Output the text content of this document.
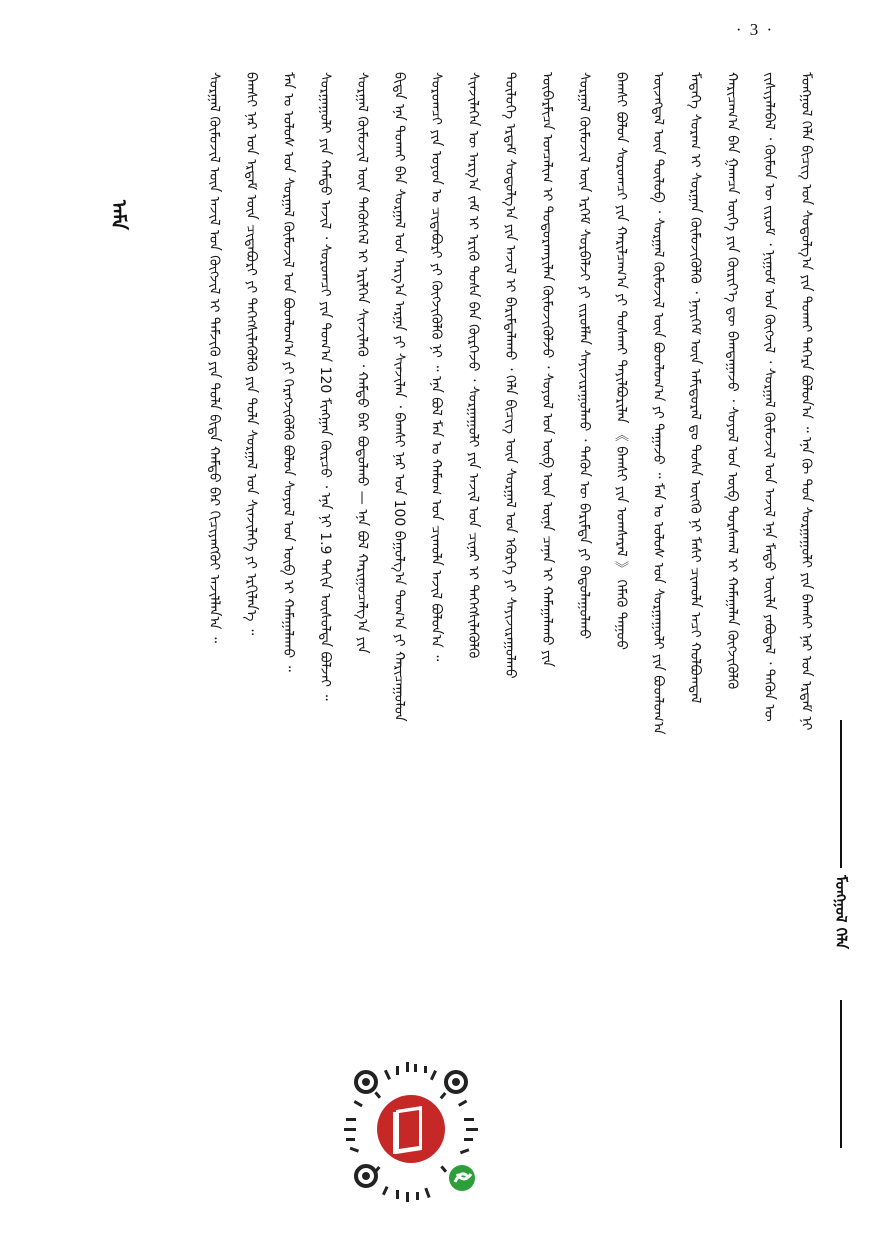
· 3 ·
ᠮᠣᠩᠭᠣᠯ ᠬᠡᠯᠡ
ᠮᠣᠩᠭᠣᠯ ᠬᠡᠯᠡ ᠪᠢᠴᠢᠭ ᠤᠨ ᠰᠤᠳᠤᠯᠭ᠎ᠠ ᠶᠢᠨ ᠲᠤᠬᠠᠢ ᠳᠡᠭᠡᠷᠡ ᠪᠣᠯᠤᠨ᠎ᠠ ᠃ ᠡᠨᠡ ᠬᠦ ᠳᠤᠨ ᠰᠤᠷᠭᠠᠭᠤᠯᠢ ᠶᠢᠨ ᠪᠠᠭᠰᠢ ᠨᠠᠷ ᠤᠨ ᠡᠷᠳᠡᠮ ᠨᠢ
ᠵᠢᠱᠢᠶᠡᠯᠡᠪᠡᠯ ᠂ ᠬᠦᠮᠦᠨ ᠦ ᠵᠢᠷᠤᠮ ᠂ ᠨᠢᠭᠤᠮ ᠤᠨ ᠬᠦᠭᠵᠢᠯ ᠂ ᠰᠤᠷᠭᠠᠯ ᠬᠦᠮᠦᠵᠢᠯ ᠤᠨ ᠠᠵᠢᠯ ᠡᠨᠡ ᠮᠡᠲᠦ ᠦᠢᠯᠡ ᠶᠠᠪᠤᠳᠠᠯ ᠂ ᠲᠡᠭᠦᠨ ᠦ
ᠬᠠᠷᠢᠴᠠᠭ᠎ᠠ ᠪᠠᠨ ᠭᠠᠭᠴᠠ ᠦᠭᠡ ᠶᠢᠨ ᠬᠦᠷᠢᠶ᠎ᠡ ᠳᠦ ᠪᠠᠭᠳᠠᠭᠠᠵᠤ ᠂ ᠰᠣᠶᠣᠯ ᠤᠨ ᠦᠪ ᠳᠤᠷᠰᠬᠠᠯ ᠢ ᠬᠠᠮᠠᠭᠠᠯᠠᠨ ᠬᠥᠭᠵᠢᠭᠦᠯᠬᠦ
ᠮᠡᠳᠡᠭᠡ ᠰᠤᠷᠠᠭ ᠢ ᠰᠤᠷᠭᠠᠨ ᠬᠦᠮᠦᠵᠢᠭᠦᠯᠬᠦ ᠂ ᠨᠡᠶᠢᠭᠡᠮ ᠦᠨ ᠠᠮᠢᠳᠤᠷᠠᠯ ᠳᠤ ᠲᠤᠰᠠ ᠥᠭᠬᠦ ᠨᠢ ᠮᠠᠰᠢ ᠴᠢᠬᠤᠯᠠ ᠠᠴᠢ ᠬᠣᠯᠪᠣᠭᠳᠠᠯ
ᠦᠵᠡᠭᠳᠡᠯ ᠦᠨ ᠲᠥᠯᠦᠪ ᠂ ᠰᠤᠷᠭᠠᠯ ᠬᠦᠮᠦᠵᠢᠯ ᠦᠨ ᠪᠣᠳᠯᠣᠭ᠎ᠠ ᠶᠢ ᠳᠠᠭᠠᠵᠤ ᠃ ᠮᠠᠨ ᠤ ᠤᠯᠤᠰ ᠤᠨ ᠰᠤᠷᠭᠠᠭᠤᠯᠢ ᠶᠢᠨ ᠪᠣᠳᠯᠣᠭ᠎ᠠ
ᠪᠠᠭᠰᠢ ᠪᠣᠯᠤᠨ ᠰᠤᠷᠤᠭᠴᠢ ᠶᠢᠨ ᠬᠠᠷᠢᠯᠴᠠᠭ᠎ᠠ ᠶᠢ ᠲᠤᠰᠬᠠᠢ ᠲᠠᠶᠢᠯᠪᠤᠷᠢᠯᠠᠨ 《 ᠪᠠᠭᠰᠢ ᠶᠢᠨ ᠤᠭᠰᠠᠷᠠᠯ 》 ᠬᠡᠮᠡᠬᠦ ᠳᠠᠭᠤᠤ
ᠰᠤᠷᠭᠠᠯ ᠬᠦᠮᠦᠵᠢᠯ ᠦᠨ ᠡᠷᠬᠡᠮ ᠰᠤᠷᠪᠠᠯᠵᠢ ᠶᠢ ᠵᠢᠷᠤᠮᠯᠠᠨ ᠰᠠᠶᠢᠵᠢᠷᠠᠭᠤᠯᠬᠤ ᠂ ᠲᠡᠭᠦᠨ ᠦ ᠪᠠᠷᠢᠮᠲᠠ ᠶᠢ ᠪᠠᠲᠤᠯᠠᠭᠤᠯᠬᠤ
ᠥᠪᠡᠷᠮᠢᠴᠡ ᠣᠨᠴᠠᠯᠢᠭ ᠢ ᠲᠣᠳᠣᠷᠬᠠᠶᠢᠯᠠᠨ ᠬᠦᠮᠦᠵᠢᠭᠦᠯᠵᠦ ᠂ ᠰᠣᠶᠣᠯ ᠤᠨ ᠥᠪ ᠦᠨ ᠦᠨᠡ ᠴᠡᠨᠡᠨ ᠢ ᠬᠠᠮᠠᠭᠠᠯᠠᠬᠤ ᠶᠢᠨ
ᠲᠥᠯᠥᠭᠡ ᠡᠷᠳᠡᠮ ᠰᠤᠳᠤᠯᠭ᠎ᠠ ᠶᠢᠨ ᠠᠵᠢᠯ ᠢ ᠪᠠᠷᠢᠮᠲᠠᠯᠠᠬᠤ ᠂ ᠬᠡᠯᠡ ᠪᠢᠴᠢᠭ ᠦᠨ ᠰᠤᠷᠭᠠᠯ ᠤᠨ ᠡᠭᠦᠷᠭᠡ ᠶᠢ ᠰᠠᠶᠢᠵᠢᠷᠠᠭᠤᠯᠬᠤ
ᠰᠢᠨᠵᠢᠯᠡᠭᠡᠨ ᠦ ᠠᠷᠭ᠎ᠠ ᠵᠠᠮ ᠢ ᠡᠷᠢᠬᠦ ᠲᠤᠰᠠ ᠪᠠᠨ ᠬᠦᠷᠭᠡᠵᠦ ᠂ ᠰᠤᠷᠭᠠᠭᠤᠯᠢ ᠶᠢᠨ ᠠᠵᠢᠯ ᠤᠨ ᠴᠢᠨᠠᠷ ᠢ ᠳᠡᠭᠡᠭᠰᠢᠯᠡᠭᠦᠯᠬᠦ
ᠰᠤᠷᠤᠭᠴᠢ ᠶᠢᠨ ᠣᠶᠤᠨ ᠤ ᠴᠢᠳᠠᠪᠤᠷᠢ ᠶᠢ ᠬᠥᠭᠵᠢᠭᠦᠯᠬᠦ ᠨᠢ ᠃ ᠡᠨᠡ ᠪᠣᠯ ᠮᠠᠨ ᠤ ᠬᠠᠮᠤᠭ ᠤᠨ ᠴᠢᠬᠤᠯᠠ ᠠᠵᠢᠯ ᠪᠣᠯᠤᠨ᠎ᠠ ᠃
ᠪᠢᠳᠡ ᠡᠨᠡ ᠲᠤᠬᠠᠢ ᠪᠠᠨ ᠰᠤᠷᠭᠠᠯ ᠤᠨ ᠠᠷᠭ᠎ᠠ ᠠᠷᠭᠠ ᠶᠢ ᠰᠢᠨᠵᠢᠯᠡᠨ ᠂ ᠪᠠᠭᠰᠢ ᠨᠠᠷ ᠤᠨ 100 ᠪᠠᠭᠤᠯᠭ᠎ᠠ ᠲᠣᠭ᠎ᠠ ᠶᠢ ᠬᠠᠷᠢᠴᠠᠭᠤᠯᠤᠨ
ᠰᠤᠷᠭᠠᠯ ᠬᠦᠮᠦᠵᠢᠯ ᠦᠨ ᠲᠡᠭᠦᠰᠭᠡᠯ ᠢ ᠡᠷᠢᠯᠬᠡᠨ ᠰᠢᠨᠵᠢᠯᠡᠬᠦ ᠂ ᠬᠠᠮᠲᠤ ᠪᠡᠷ ᠪᠣᠳᠣᠯᠬᠤ — ᠡᠨᠡ ᠪᠣᠯ ᠬᠠᠷᠢᠭᠤᠴᠠᠯᠭ᠎ᠠ ᠶᠢᠨ
ᠰᠤᠷᠭᠠᠭᠤᠯᠢ ᠶᠢᠨ ᠬᠠᠮᠲᠤ ᠠᠵᠢᠯ ᠂ ᠰᠤᠷᠤᠭᠴᠢ ᠶᠢᠨ ᠲᠣᠭ᠎ᠠ 120 ᠮᠢᠩᠭᠠᠨ ᠬᠦᠷᠴᠦ ᠂ ᠡᠨᠡ ᠨᠢ 1.9 ᠳᠠᠬᠢᠨ ᠥᠰᠦᠯᠲᠡ ᠪᠣᠯᠵᠠᠢ ᠃
ᠮᠠᠨ ᠤ ᠤᠯᠤᠰ ᠤᠨ ᠰᠤᠷᠭᠠᠯ ᠬᠦᠮᠦᠵᠢᠯ ᠤᠨ ᠪᠣᠳᠯᠣᠭ᠎ᠠ ᠶᠢ ᠬᠡᠷᠡᠭᠵᠢᠭᠦᠯᠬᠦ ᠪᠣᠯᠤᠨ ᠰᠣᠶᠣᠯ ᠤᠨ ᠥᠪ ᠢ ᠬᠠᠮᠠᠭᠠᠯᠠᠬᠤ ᠃
ᠪᠠᠭᠰᠢ ᠨᠠᠷ ᠤᠨ ᠡᠷᠳᠡᠮ ᠦᠨ ᠴᠢᠳᠠᠪᠤᠷᠢ ᠶᠢ ᠳᠡᠭᠡᠭᠰᠢᠯᠡᠭᠦᠯᠬᠦ ᠶᠢᠨ ᠲᠤᠯᠠ ᠰᠤᠷᠭᠠᠯ ᠤᠨ ᠰᠢᠨᠵᠢᠯᠡᠭᠡ ᠶᠢ ᠡᠷᠬᠢᠯᠡᠨ᠎ᠡ ᠃
ᠰᠤᠷᠭᠠᠯ ᠬᠦᠮᠦᠵᠢᠯ ᠦᠨ ᠠᠵᠢᠯ ᠤᠨ ᠬᠥᠭᠵᠢᠯ ᠢ ᠳᠡᠮᠵᠢᠬᠦ ᠶᠢᠨ ᠲᠤᠯᠠ ᠪᠢᠳᠡ ᠬᠠᠮᠲᠤ ᠪᠡᠷ ᠬᠢᠴᠢᠶᠡᠩᠭᠦᠢ ᠠᠵᠢᠯᠯᠠᠨ᠎ᠠ ᠃
ᠠᠮᠠ
